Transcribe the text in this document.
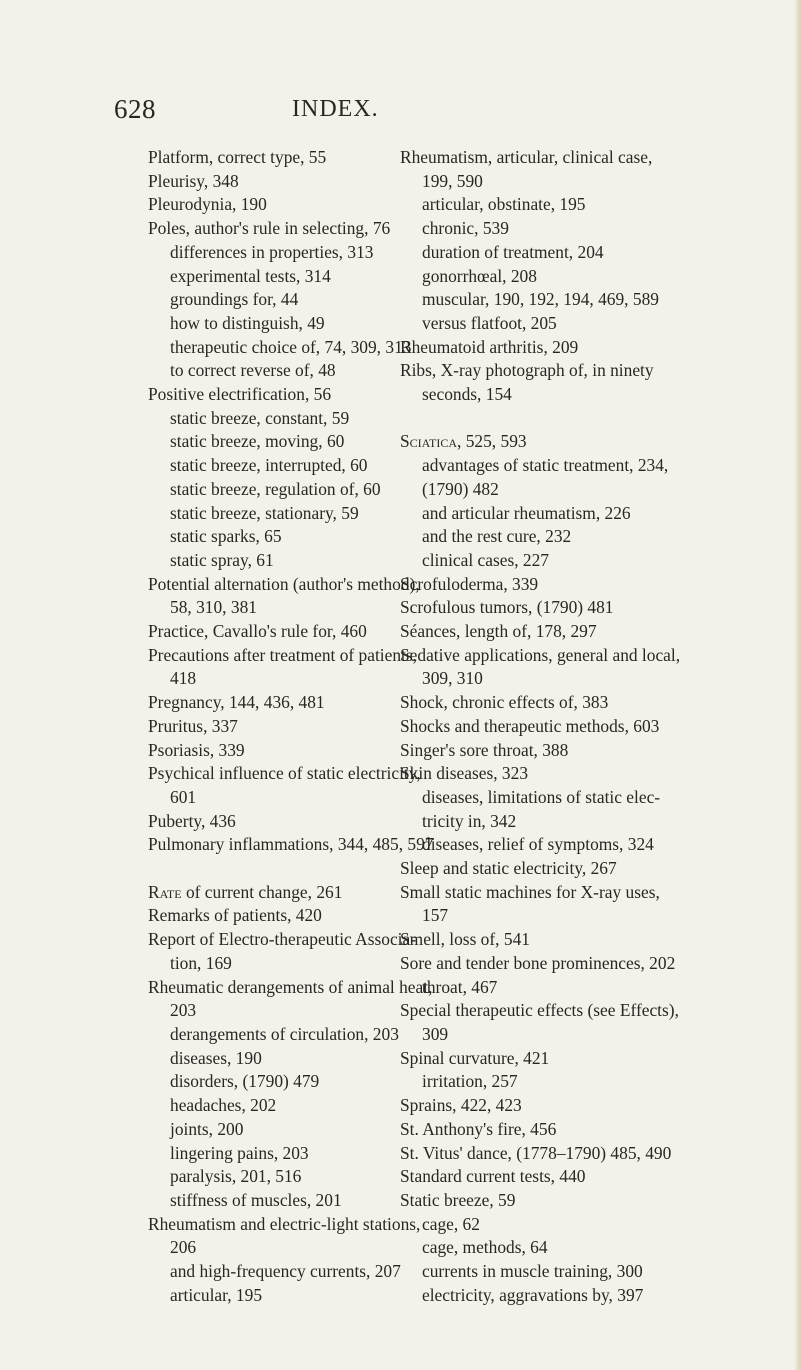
628	INDEX.
Platform, correct type, 55
Pleurisy, 348
Pleurodynia, 190
Poles, author's rule in selecting, 76
differences in properties, 313
experimental tests, 314
groundings for, 44
how to distinguish, 49
therapeutic choice of, 74, 309, 313
to correct reverse of, 48
Positive electrification, 56
static breeze, constant, 59
static breeze, moving, 60
static breeze, interrupted, 60
static breeze, regulation of, 60
static breeze, stationary, 59
static sparks, 65
static spray, 61
Potential alternation (author's method),
58, 310, 381
Practice, Cavallo's rule for, 460
Precautions after treatment of patients,
418
Pregnancy, 144, 436, 481
Pruritus, 337
Psoriasis, 339
Psychical influence of static electricity,
601
Puberty, 436
Pulmonary inflammations, 344, 485, 597
Rate of current change, 261
Remarks of patients, 420
Report of Electro-therapeutic Associa-
tion, 169
Rheumatic derangements of animal heat,
203
derangements of circulation, 203
diseases, 190
disorders, (1790) 479
headaches, 202
joints, 200
lingering pains, 203
paralysis, 201, 516
stiffness of muscles, 201
Rheumatism and electric-light stations,
206
and high-frequency currents, 207
articular, 195
Rheumatism, articular, clinical case,
199, 590
articular, obstinate, 195
chronic, 539
duration of treatment, 204
gonorrhœal, 208
muscular, 190, 192, 194, 469, 589
versus flatfoot, 205
Rheumatoid arthritis, 209
Ribs, X-ray photograph of, in ninety
seconds, 154
Sciatica, 525, 593
advantages of static treatment, 234,
(1790) 482
and articular rheumatism, 226
and the rest cure, 232
clinical cases, 227
Scrofuloderma, 339
Scrofulous tumors, (1790) 481
Séances, length of, 178, 297
Sedative applications, general and local,
309, 310
Shock, chronic effects of, 383
Shocks and therapeutic methods, 603
Singer's sore throat, 388
Skin diseases, 323
diseases, limitations of static elec-
tricity in, 342
diseases, relief of symptoms, 324
Sleep and static electricity, 267
Small static machines for X-ray uses,
157
Smell, loss of, 541
Sore and tender bone prominences, 202
throat, 467
Special therapeutic effects (see Effects),
309
Spinal curvature, 421
irritation, 257
Sprains, 422, 423
St. Anthony's fire, 456
St. Vitus' dance, (1778–1790) 485, 490
Standard current tests, 440
Static breeze, 59
cage, 62
cage, methods, 64
currents in muscle training, 300
electricity, aggravations by, 397
